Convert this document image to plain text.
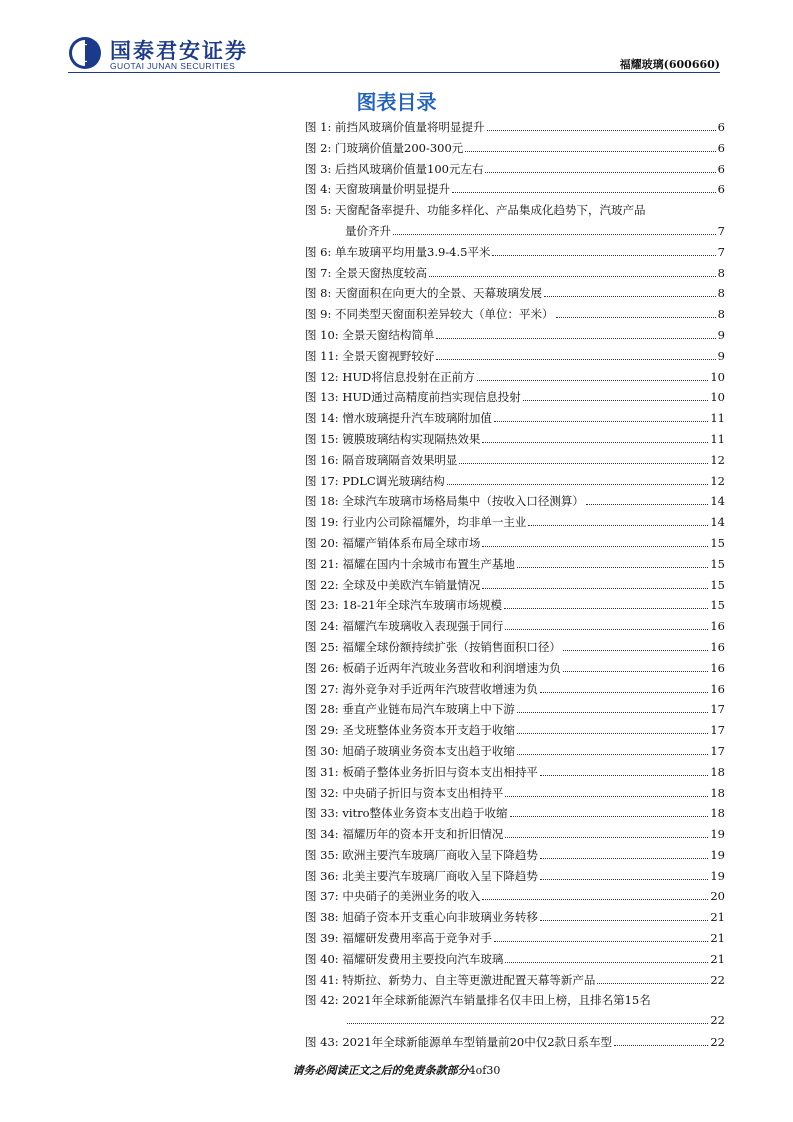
国泰君安证券
GUOTAI JUNAN SECURITIES	福耀玻璃(600660)
图表目录
图 1: 前挡风玻璃价值量将明显提升	6
图 2: 门玻璃价值量200-300元	6
图 3: 后挡风玻璃价值量100元左右	6
图 4: 天窗玻璃量价明显提升	6
图 5: 天窗配备率提升、功能多样化、产品集成化趋势下，汽玻产品
量价齐升	7
图 6: 单车玻璃平均用量3.9-4.5平米	7
图 7: 全景天窗热度较高	8
图 8: 天窗面积在向更大的全景、天幕玻璃发展	8
图 9: 不同类型天窗面积差异较大（单位：平米）	8
图 10: 全景天窗结构简单	9
图 11: 全景天窗视野较好	9
图 12: HUD将信息投射在正前方	10
图 13: HUD通过高精度前挡实现信息投射	10
图 14: 憎水玻璃提升汽车玻璃附加值	11
图 15: 镀膜玻璃结构实现隔热效果	11
图 16: 隔音玻璃隔音效果明显	12
图 17: PDLC调光玻璃结构	12
图 18: 全球汽车玻璃市场格局集中（按收入口径测算）	14
图 19: 行业内公司除福耀外，均非单一主业	14
图 20: 福耀产销体系布局全球市场	15
图 21: 福耀在国内十余城市布置生产基地	15
图 22: 全球及中美欧汽车销量情况	15
图 23: 18-21年全球汽车玻璃市场规模	15
图 24: 福耀汽车玻璃收入表现强于同行	16
图 25: 福耀全球份额持续扩张（按销售面积口径）	16
图 26: 板硝子近两年汽玻业务营收和利润增速为负	16
图 27: 海外竞争对手近两年汽玻营收增速为负	16
图 28: 垂直产业链布局汽车玻璃上中下游	17
图 29: 圣戈班整体业务资本开支趋于收缩	17
图 30: 旭硝子玻璃业务资本支出趋于收缩	17
图 31: 板硝子整体业务折旧与资本支出相持平	18
图 32: 中央硝子折旧与资本支出相持平	18
图 33: vitro整体业务资本支出趋于收缩	18
图 34: 福耀历年的资本开支和折旧情况	19
图 35: 欧洲主要汽车玻璃厂商收入呈下降趋势	19
图 36: 北美主要汽车玻璃厂商收入呈下降趋势	19
图 37: 中央硝子的美洲业务的收入	20
图 38: 旭硝子资本开支重心向非玻璃业务转移	21
图 39: 福耀研发费用率高于竞争对手	21
图 40: 福耀研发费用主要投向汽车玻璃	21
图 41: 特斯拉、新势力、自主等更激进配置天幕等新产品	22
图 42: 2021年全球新能源汽车销量排名仅丰田上榜，且排名第15名
22
图 43: 2021年全球新能源单车型销量前20中仅2款日系车型	22
请务必阅读正文之后的免责条款部分4of30
